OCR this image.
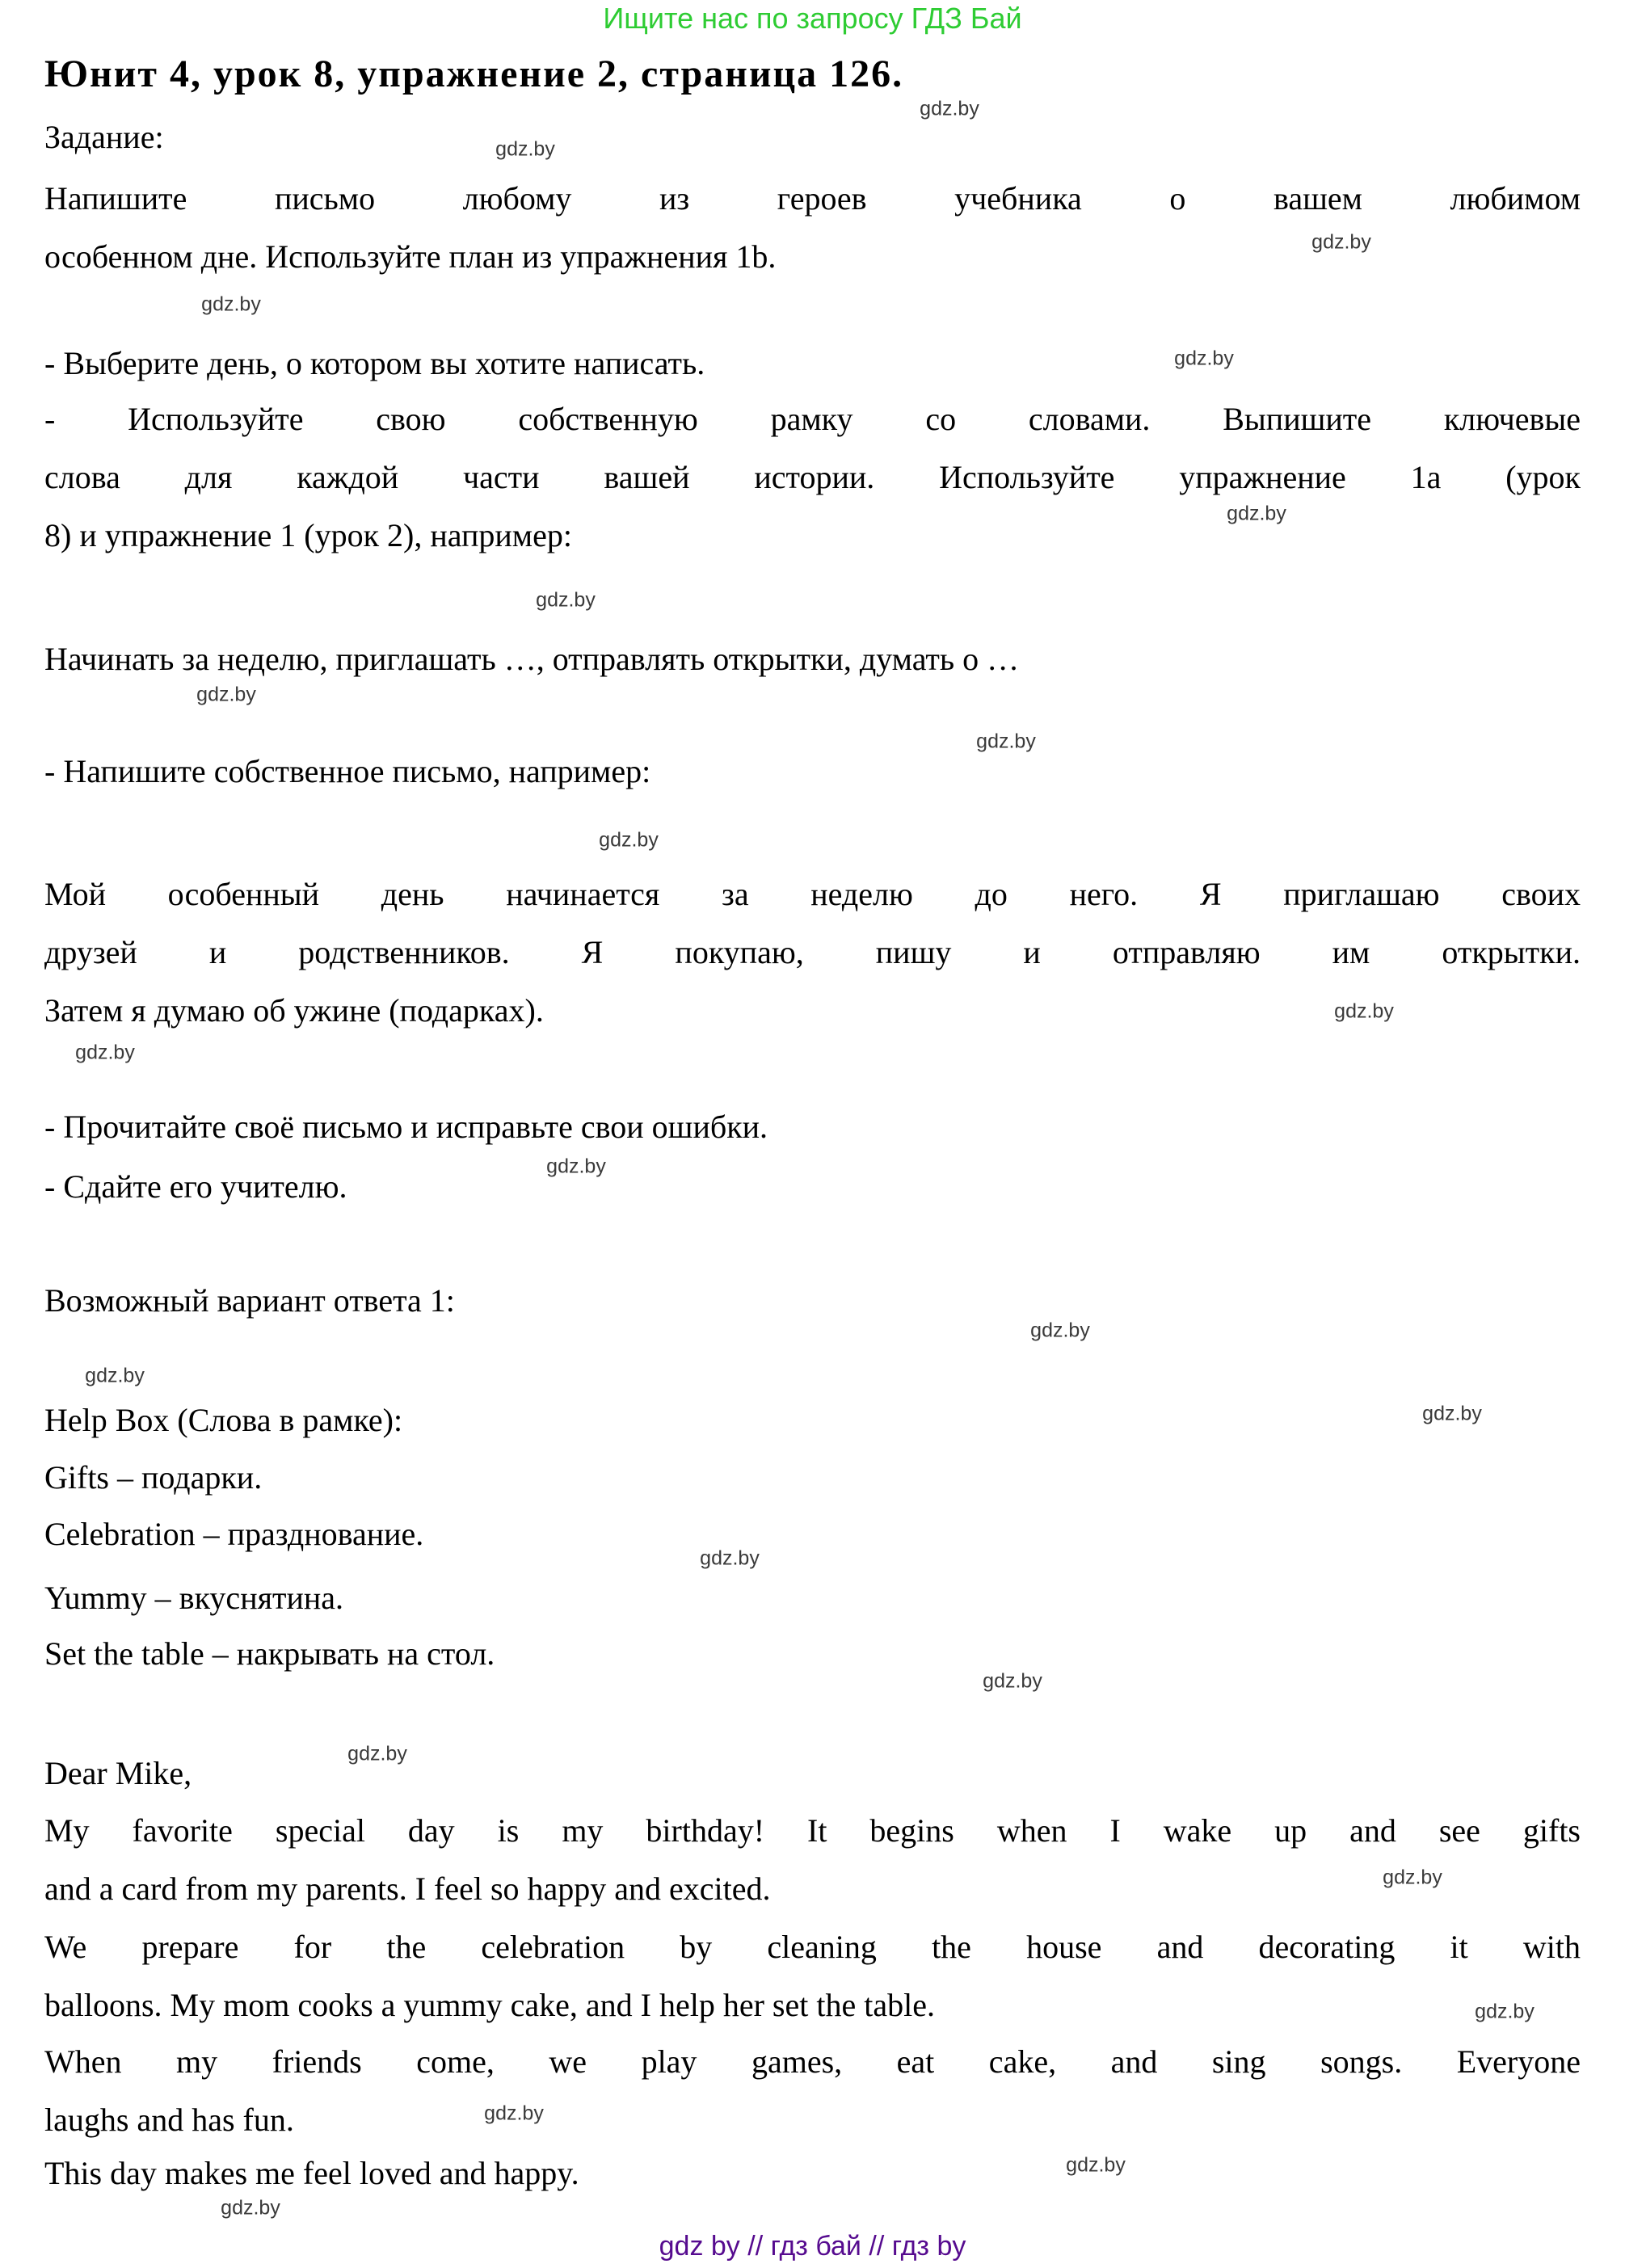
Ищите нас по запросу ГДЗ Бай
Юнит 4, урок 8, упражнение 2, страница 126.
Задание:
Напишите письмо любому из героев учебника о вашем любимом
особенном дне. Используйте план из упражнения 1b.
- Выберите день, о котором вы хотите написать.
- Используйте свою собственную рамку со словами. Выпишите ключевые
слова для каждой части вашей истории. Используйте упражнение 1a (урок
8) и упражнение 1 (урок 2), например:
Начинать за неделю, приглашать …, отправлять открытки, думать о …
- Напишите собственное письмо, например:
Мой особенный день начинается за неделю до него. Я приглашаю своих
друзей и родственников. Я покупаю, пишу и отправляю им открытки.
Затем я думаю об ужине (подарках).
- Прочитайте своё письмо и исправьте свои ошибки.
- Сдайте его учителю.
Возможный вариант ответа 1:
Help Box (Слова в рамке):
Gifts – подарки.
Celebration – празднование.
Yummy – вкуснятина.
Set the table – накрывать на стол.
Dear Mike,
My favorite special day is my birthday! It begins when I wake up and see gifts
and a card from my parents. I feel so happy and excited.
We prepare for the celebration by cleaning the house and decorating it with
balloons. My mom cooks a yummy cake, and I help her set the table.
When my friends come, we play games, eat cake, and sing songs. Everyone
laughs and has fun.
This day makes me feel loved and happy.
gdz by // гдз бай // гдз by
gdz.by
gdz.by
gdz.by
gdz.by
gdz.by
gdz.by
gdz.by
gdz.by
gdz.by
gdz.by
gdz.by
gdz.by
gdz.by
gdz.by
gdz.by
gdz.by
gdz.by
gdz.by
gdz.by
gdz.by
gdz.by
gdz.by
gdz.by
gdz.by
